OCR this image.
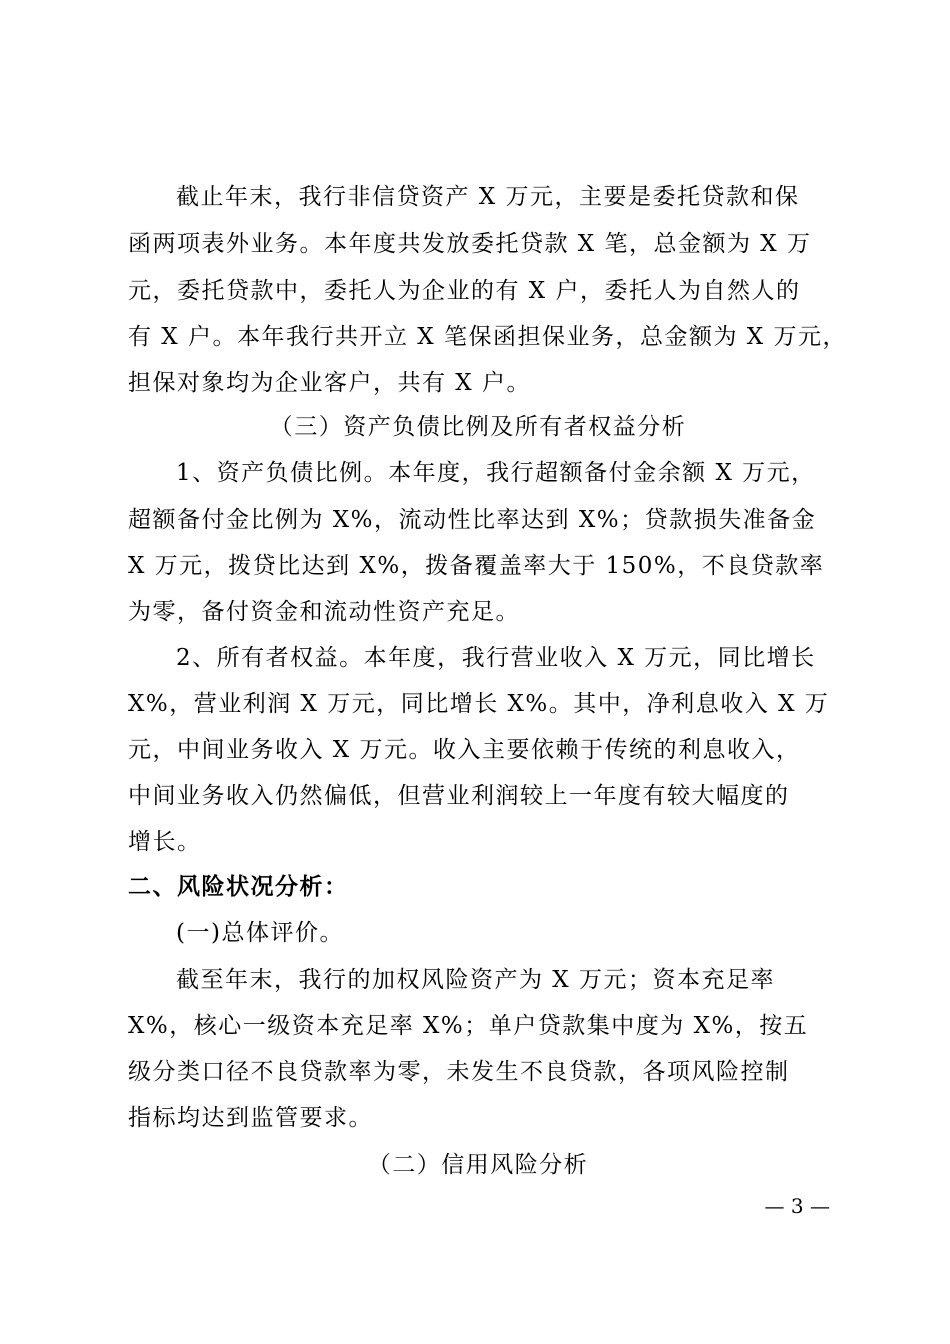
截止年末，我行非信贷资产 X 万元，主要是委托贷款和保
函两项表外业务。本年度共发放委托贷款 X 笔，总金额为 X 万
元，委托贷款中，委托人为企业的有 X 户，委托人为自然人的
有 X 户。本年我行共开立 X 笔保函担保业务，总金额为 X 万元，
担保对象均为企业客户，共有 X 户。
（三）资产负债比例及所有者权益分析
1、资产负债比例。本年度，我行超额备付金余额 X 万元，
超额备付金比例为 X%，流动性比率达到 X%；贷款损失准备金
X 万元，拨贷比达到 X%，拨备覆盖率大于 150%，不良贷款率
为零，备付资金和流动性资产充足。
2、所有者权益。本年度，我行营业收入 X 万元，同比增长
X%，营业利润 X 万元，同比增长 X%。其中，净利息收入 X 万
元，中间业务收入 X 万元。收入主要依赖于传统的利息收入，
中间业务收入仍然偏低，但营业利润较上一年度有较大幅度的
增长。
二、风险状况分析：
(一)总体评价。
截至年末，我行的加权风险资产为 X 万元；资本充足率
X%，核心一级资本充足率 X%；单户贷款集中度为 X%，按五
级分类口径不良贷款率为零，未发生不良贷款，各项风险控制
指标均达到监管要求。
（二）信用风险分析
— 3 —
